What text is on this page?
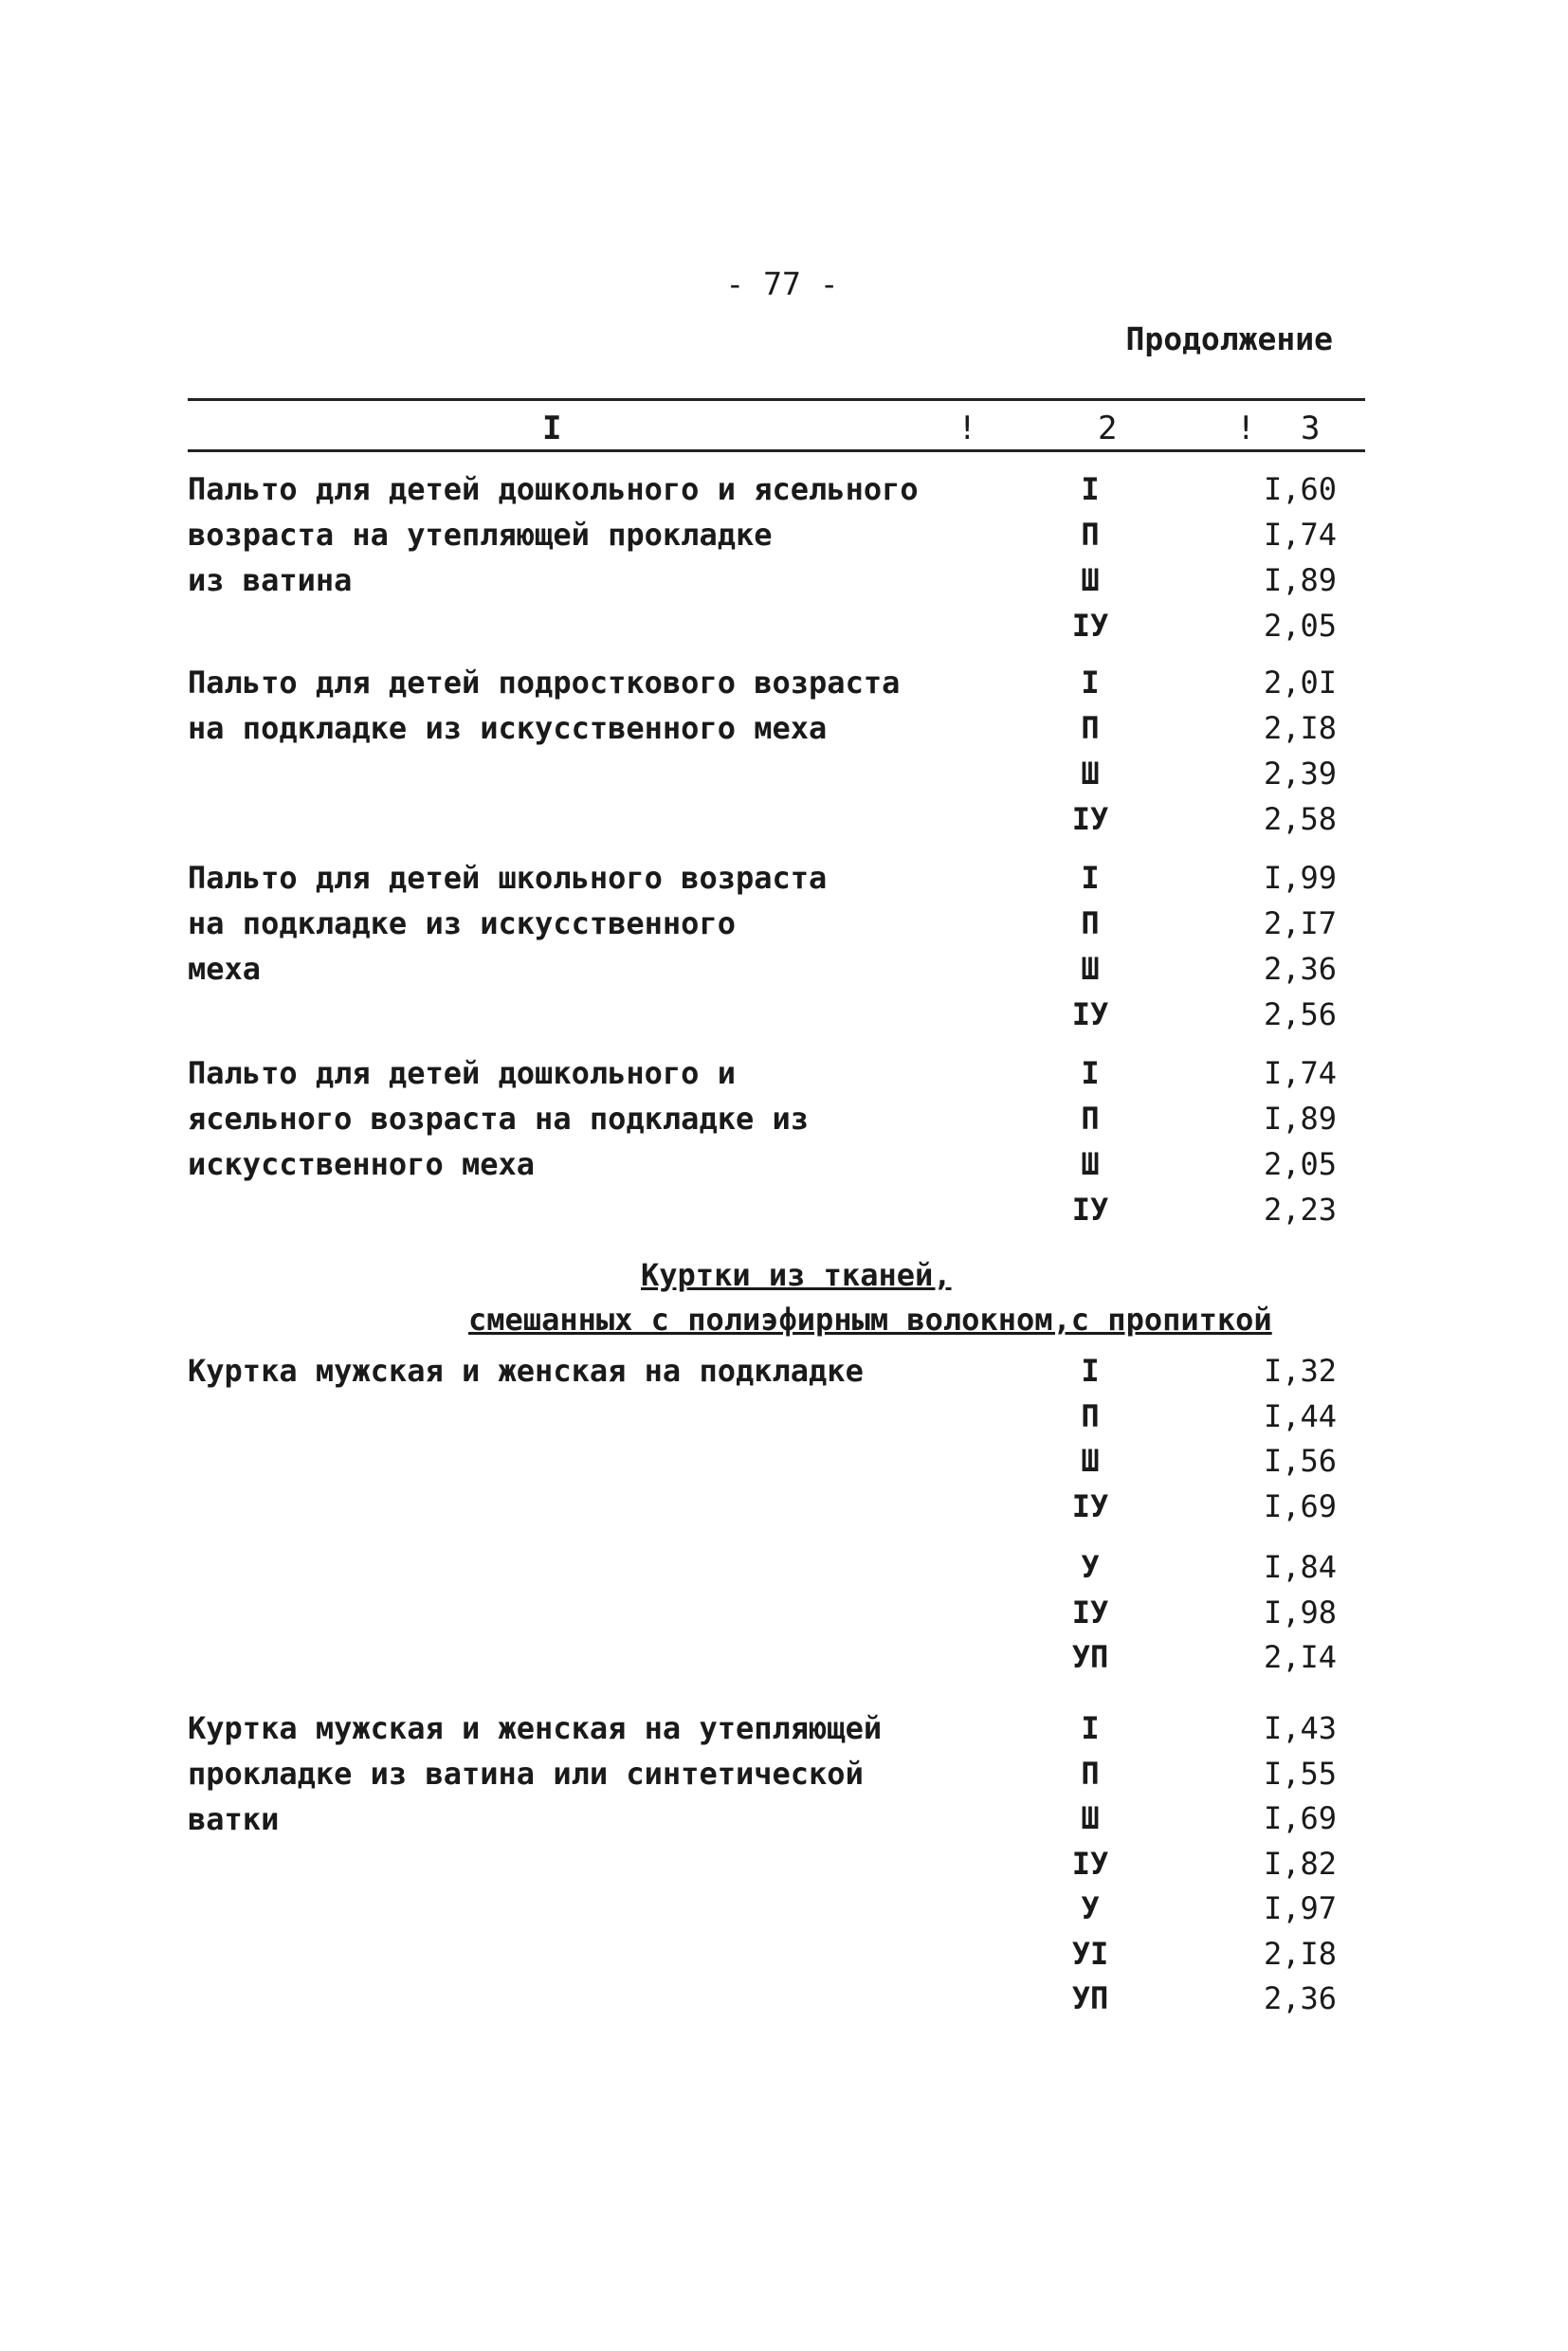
- 77 -
Продолжение
I	!	2	! 3
Пальто для детей дошкольного и ясельного
возраста на утепляющей прокладке
из ватина
I	I,60
П	I,74
Ш	I,89
IУ	2,05
Пальто для детей подросткового возраста
на подкладке из искусственного меха
I	2,0I
П	2,I8
Ш	2,39
IУ	2,58
Пальто для детей школьного возраста
на подкладке из искусственного
меха
I	I,99
П	2,I7
Ш	2,36
IУ	2,56
Пальто для детей дошкольного и
ясельного возраста на подкладке из
искусственного меха
I	I,74
П	I,89
Ш	2,05
IУ	2,23
Куртки из тканей,
смешанных с полиэфирным волокном,с пропиткой
Куртка мужская и женская на подкладке	I	I,32
П	I,44
Ш	I,56
IУ	I,69
У	I,84
IУ	I,98
УП	2,I4
Куртка мужская и женская на утепляющей
прокладке из ватина или синтетической
ватки
I	I,43
П	I,55
Ш	I,69
IУ	I,82
У	I,97
УI	2,I8
УП	2,36
